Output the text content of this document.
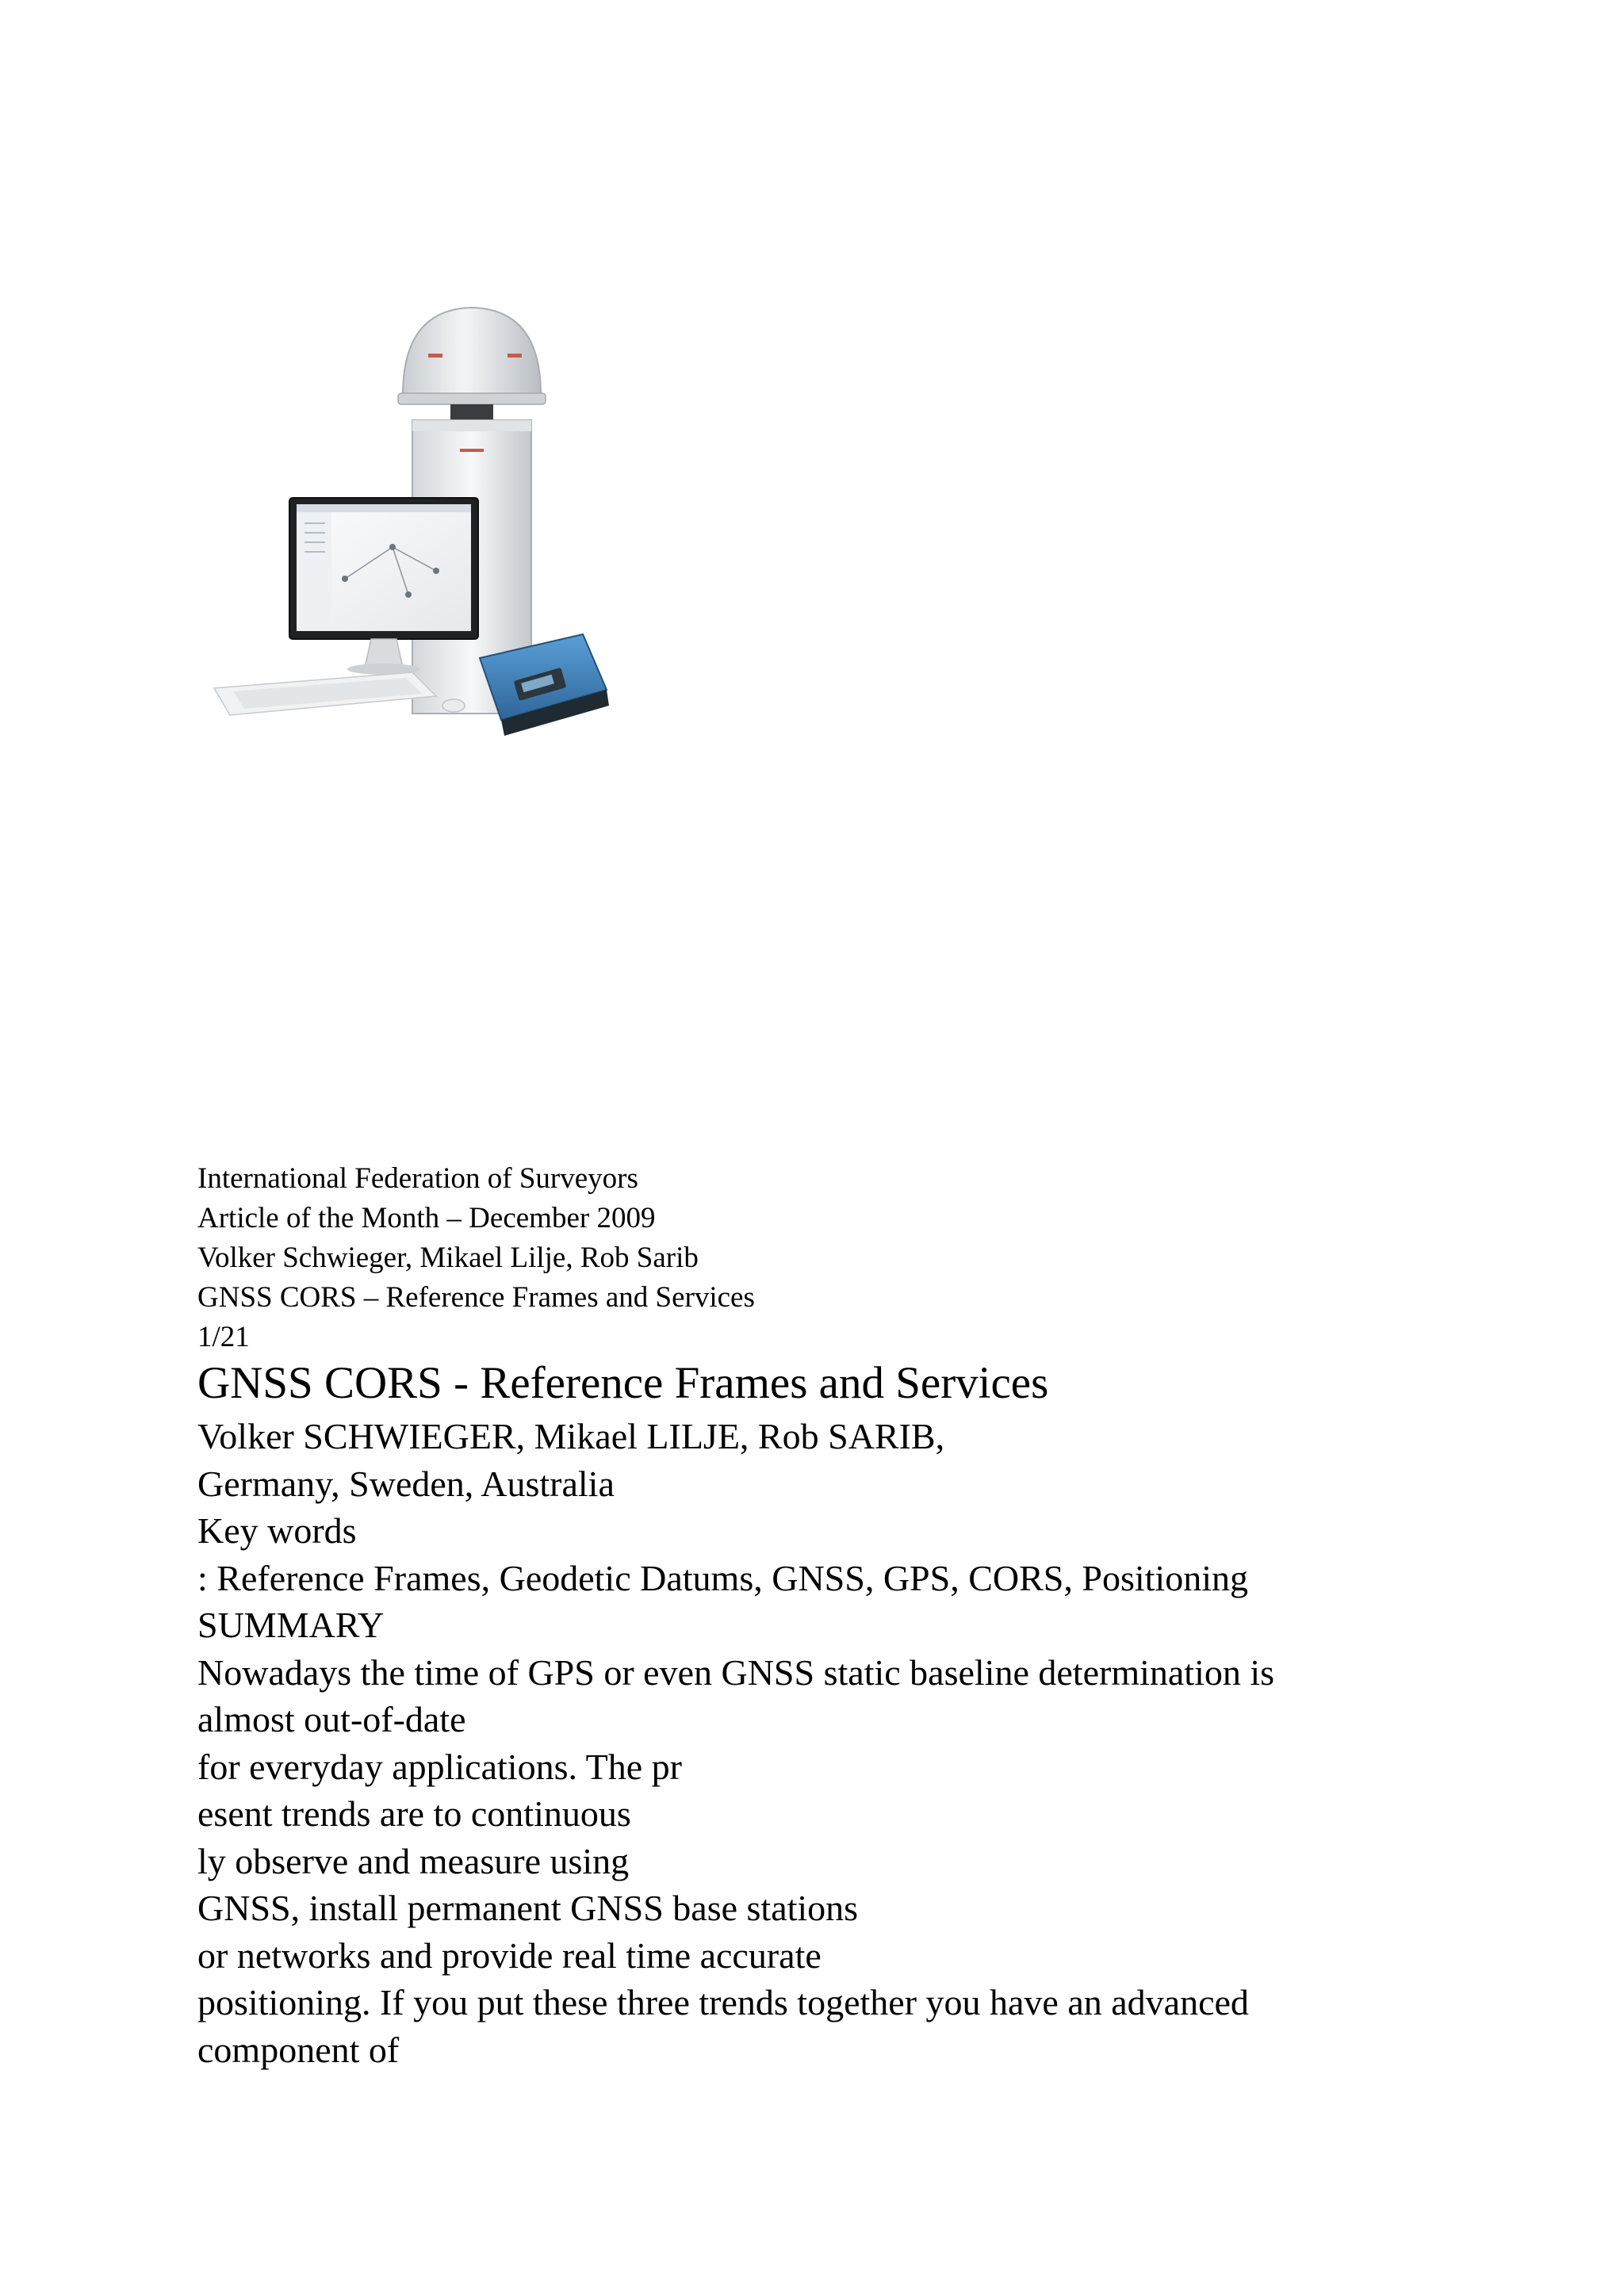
International Federation of Surveyors
Article of the Month – December 2009
Volker Schwieger, Mikael Lilje, Rob Sarib
GNSS CORS – Reference Frames and Services
1/21
GNSS CORS - Reference Frames and Services
Volker SCHWIEGER, Mikael LILJE, Rob SARIB,
Germany, Sweden, Australia
Key words
: Reference Frames, Geodetic Datums, GNSS, GPS, CORS, Positioning
SUMMARY
Nowadays the time of GPS or even GNSS static baseline determination is
almost out-of-date
for everyday applications. The pr
esent trends are to continuous
ly observe and measure using
GNSS, install permanent GNSS base stations
or networks and provide real time accurate
positioning. If you put these three trends together you have an advanced
component of
